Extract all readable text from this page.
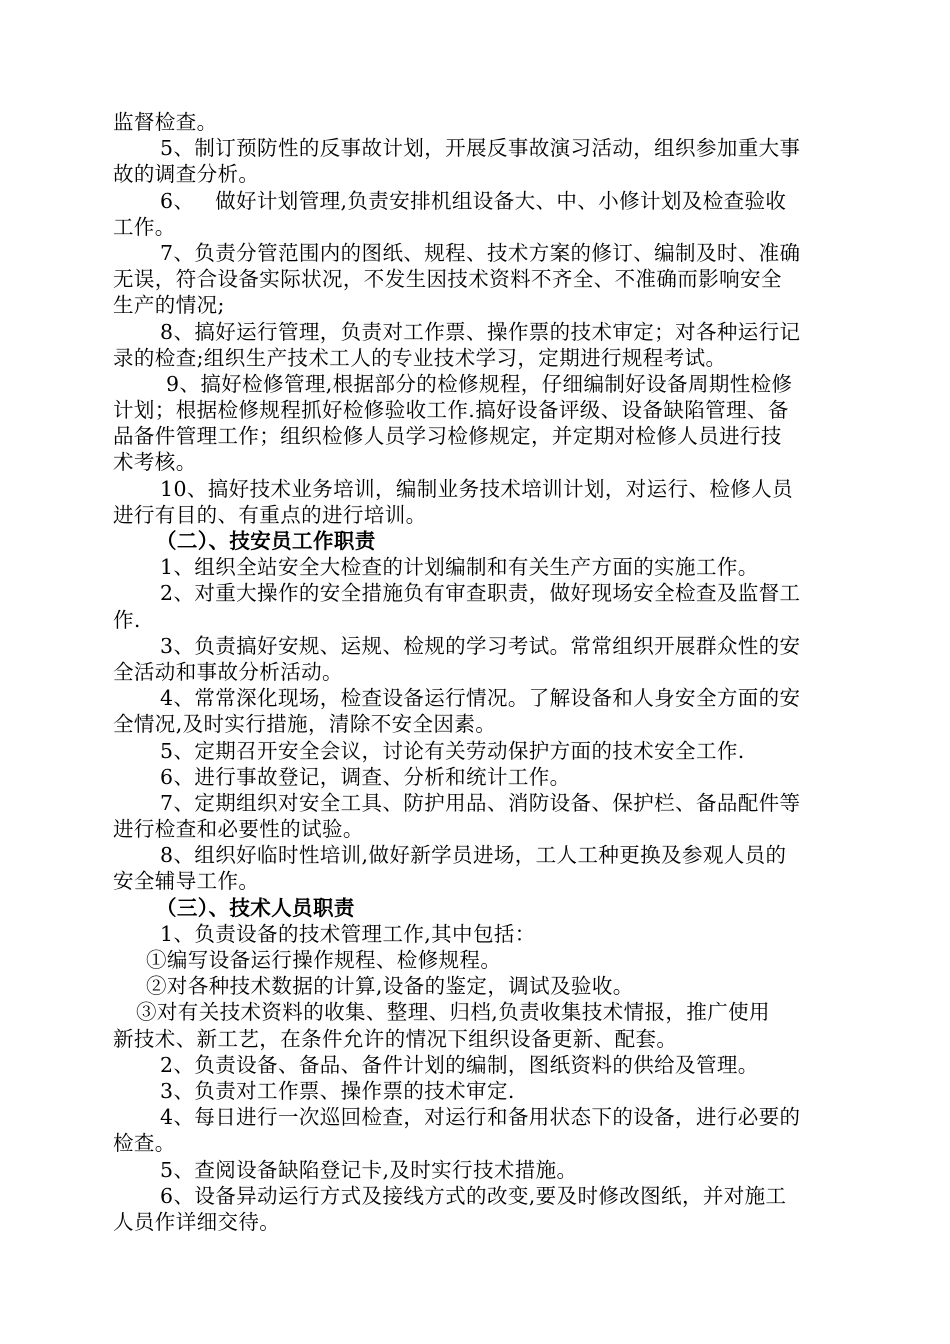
监督检查。
5、制订预防性的反事故计划，开展反事故演习活动，组织参加重大事
故的调查分析。
6、   做好计划管理,负责安排机组设备大、中、小修计划及检查验收
工作。
7、负责分管范围内的图纸、规程、技术方案的修订、编制及时、准确
无误，符合设备实际状况，不发生因技术资料不齐全、不准确而影响安全
生产的情况;
8、搞好运行管理，负责对工作票、操作票的技术审定；对各种运行记
录的检查;组织生产技术工人的专业技术学习，定期进行规程考试。
9、搞好检修管理,根据部分的检修规程，仔细编制好设备周期性检修
计划；根据检修规程抓好检修验收工作.搞好设备评级、设备缺陷管理、备
品备件管理工作；组织检修人员学习检修规定，并定期对检修人员进行技
术考核。
10、搞好技术业务培训，编制业务技术培训计划，对运行、检修人员
进行有目的、有重点的进行培训。
（二）、技安员工作职责
1、组织全站安全大检查的计划编制和有关生产方面的实施工作。
2、对重大操作的安全措施负有审查职责，做好现场安全检查及监督工
作.
3、负责搞好安规、运规、检规的学习考试。常常组织开展群众性的安
全活动和事故分析活动。
4、常常深化现场，检查设备运行情况。了解设备和人身安全方面的安
全情况,及时实行措施，清除不安全因素。
5、定期召开安全会议，讨论有关劳动保护方面的技术安全工作.
6、进行事故登记，调查、分析和统计工作。
7、定期组织对安全工具、防护用品、消防设备、保护栏、备品配件等
进行检查和必要性的试验。
8、组织好临时性培训,做好新学员进场，工人工种更换及参观人员的
安全辅导工作。
（三）、技术人员职责
1、负责设备的技术管理工作,其中包括：
①编写设备运行操作规程、检修规程。
②对各种技术数据的计算,设备的鉴定，调试及验收。
③对有关技术资料的收集、整理、归档,负责收集技术情报，推广使用
新技术、新工艺，在条件允许的情况下组织设备更新、配套。
2、负责设备、备品、备件计划的编制，图纸资料的供给及管理。
3、负责对工作票、操作票的技术审定.
4、每日进行一次巡回检查，对运行和备用状态下的设备，进行必要的
检查。
5、查阅设备缺陷登记卡,及时实行技术措施。
6、设备异动运行方式及接线方式的改变,要及时修改图纸，并对施工
人员作详细交待。
